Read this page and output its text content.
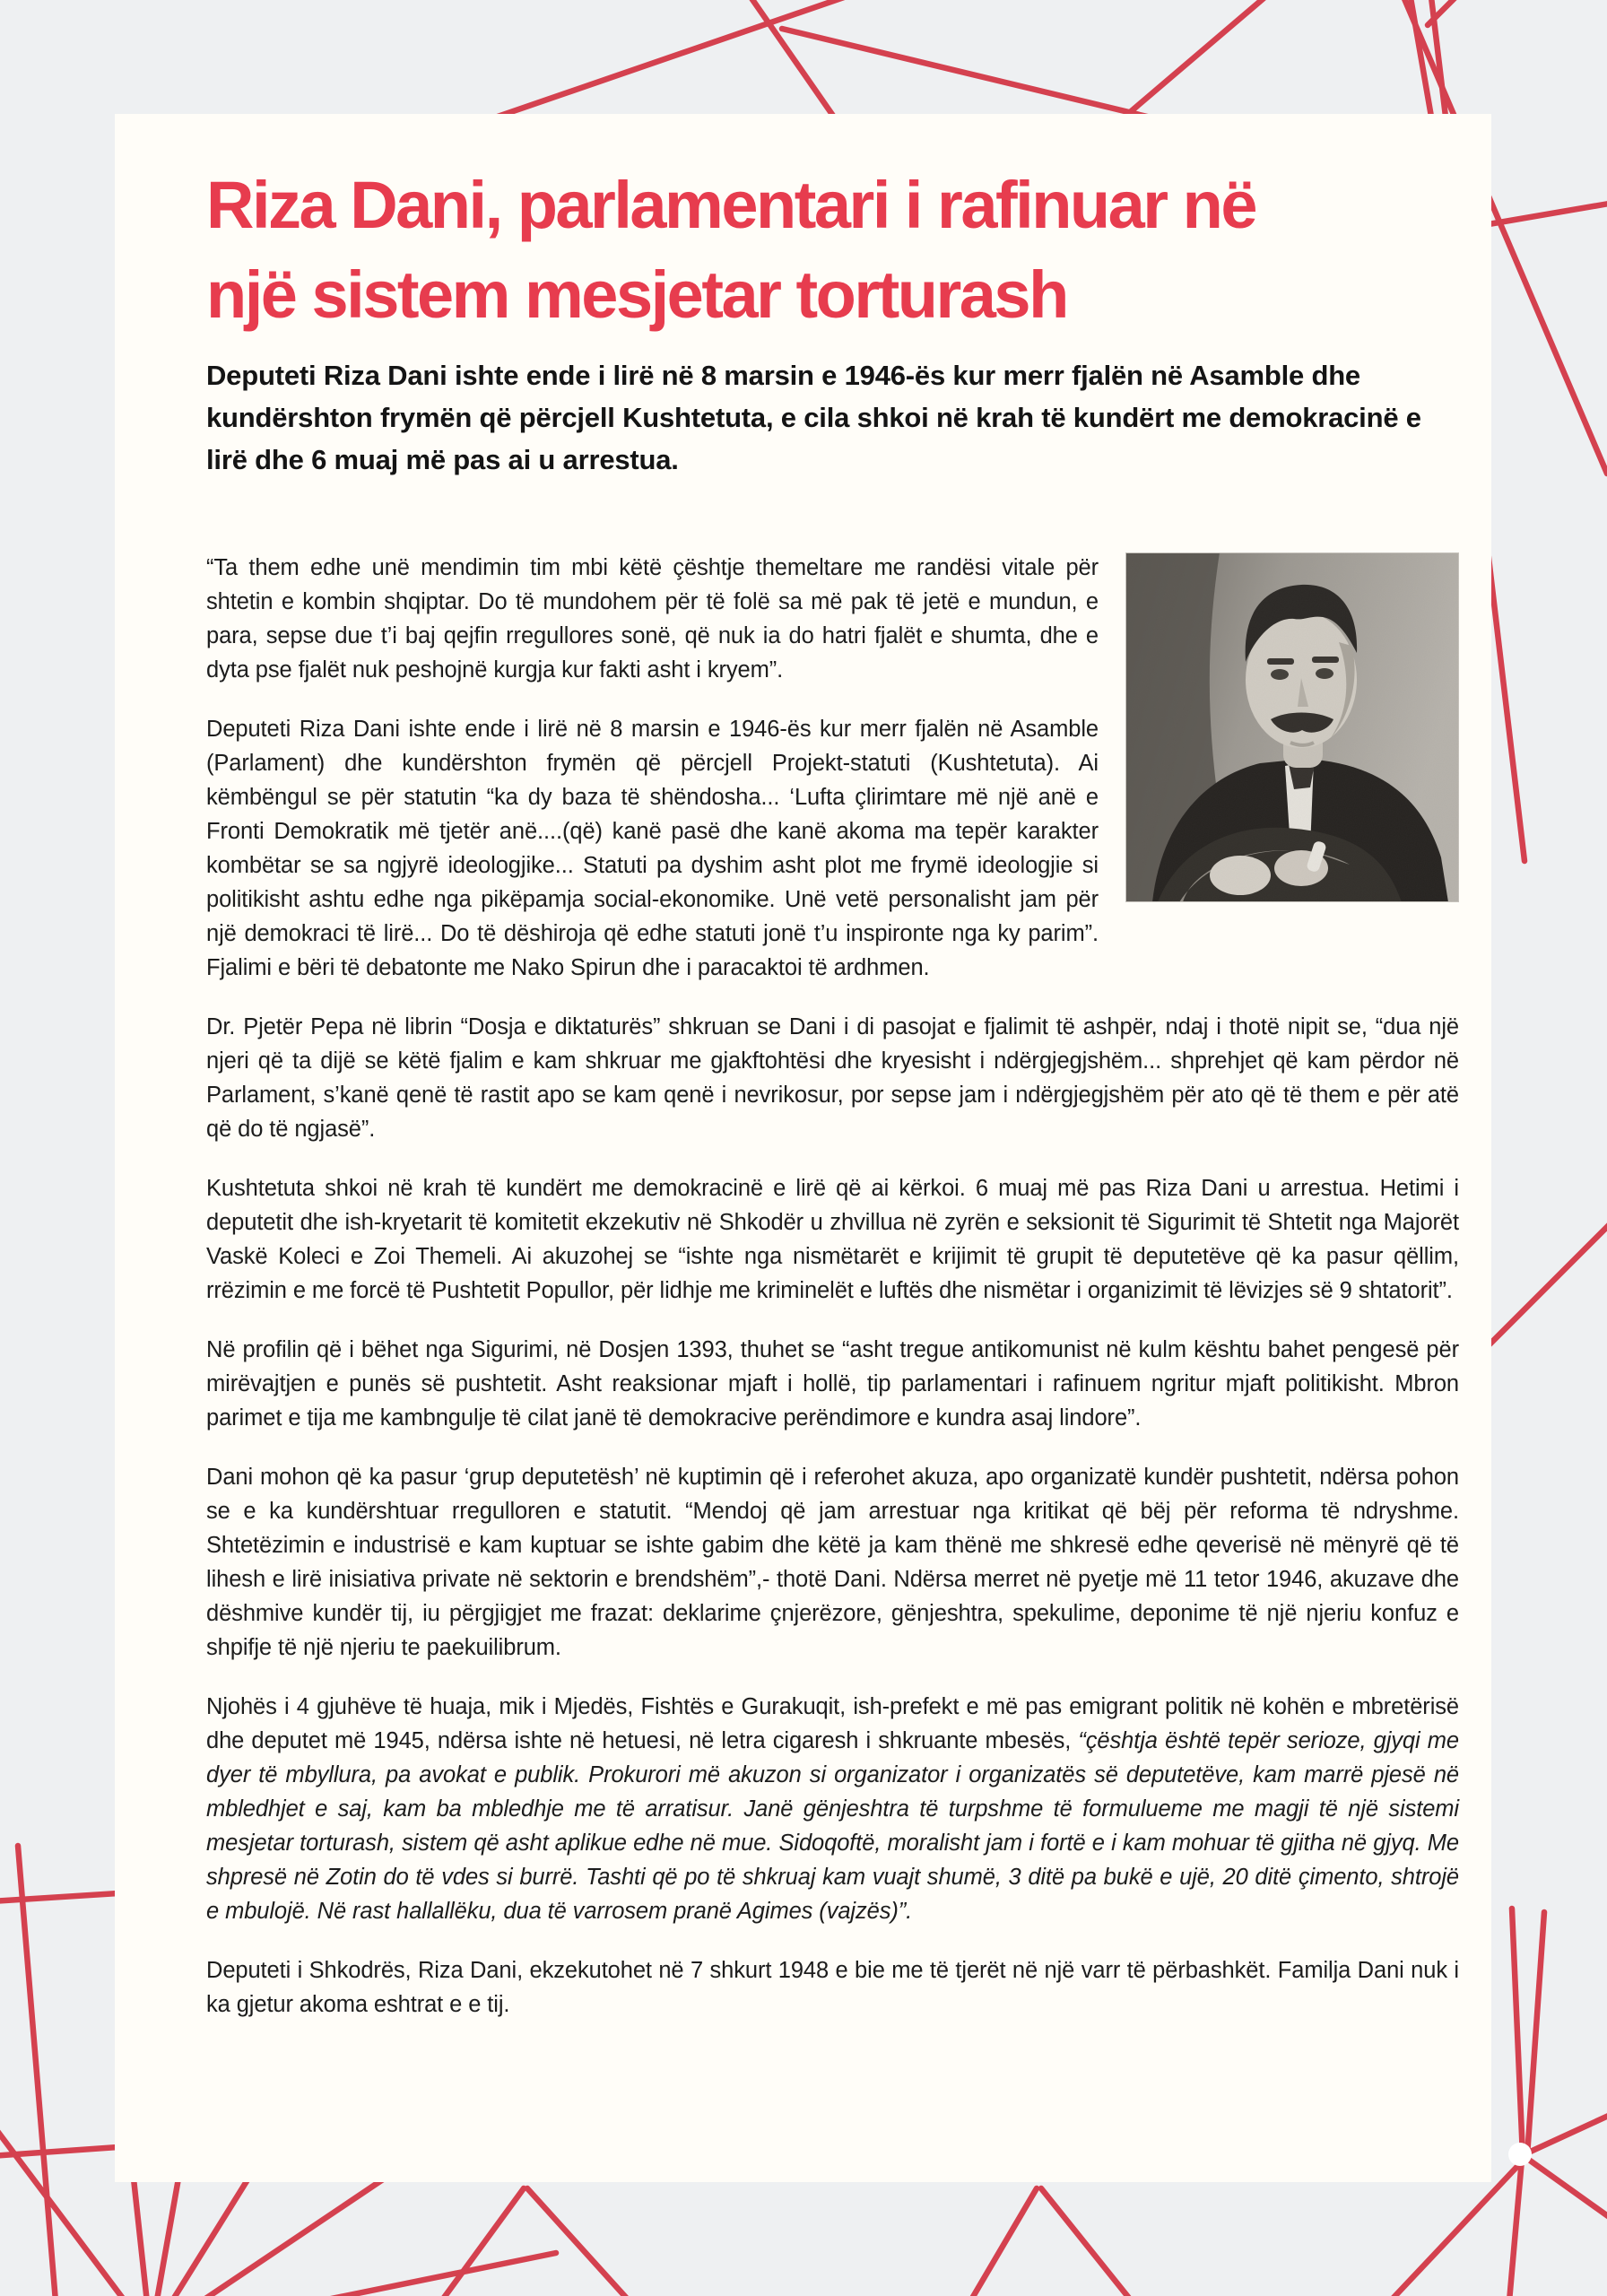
Riza Dani, parlamentari i rafinuar në
një sistem mesjetar torturash

Deputeti Riza Dani ishte ende i lirë në 8 marsin e 1946-ës kur merr fjalën në Asamble dhe kundërshton frymën që përcjell Kushtetuta, e cila shkoi në krah të kundërt me demokracinë e lirë dhe 6 muaj më pas ai u arrestua.

“Ta them edhe unë mendimin tim mbi këtë çështje themeltare me randësi vitale për shtetin e kombin shqiptar. Do të mundohem për të folë sa më pak të jetë e mundun, e para, sepse due t’i baj qejfin rregullores sonë, që nuk ia do hatri fjalët e shumta, dhe e dyta pse fjalët nuk peshojnë kurgja kur fakti asht i kryem”.

Deputeti Riza Dani ishte ende i lirë në 8 marsin e 1946-ës kur merr fjalën në Asamble (Parlament) dhe kundërshton frymën që përcjell Projekt-statuti (Kushtetuta). Ai këmbëngul se për statutin “ka dy baza të shëndosha... ‘Lufta çlirimtare më një anë e Fronti Demokratik më tjetër anë....(që) kanë pasë dhe kanë akoma ma tepër karakter kombëtar se sa ngjyrë ideologjike... Statuti pa dyshim asht plot me frymë ideologjie si politikisht ashtu edhe nga pikëpamja social-ekonomike. Unë vetë personalisht jam për një demokraci të lirë... Do të dëshiroja që edhe statuti jonë t’u inspironte nga ky parim”. Fjalimi e bëri të debatonte me Nako Spirun dhe i paracaktoi të ardhmen.

Dr. Pjetër Pepa në librin “Dosja e diktaturës” shkruan se Dani i di pasojat e fjalimit të ashpër, ndaj i thotë nipit se, “dua një njeri që ta dijë se këtë fjalim e kam shkruar me gjakftohtësi dhe kryesisht i ndërgjegjshëm... shprehjet që kam përdor në Parlament, s’kanë qenë të rastit apo se kam qenë i nevrikosur, por sepse jam i ndërgjegjshëm për ato që të them e për atë që do të ngjasë”.

Kushtetuta shkoi në krah të kundërt me demokracinë e lirë që ai kërkoi. 6 muaj më pas Riza Dani u arrestua. Hetimi i deputetit dhe ish-kryetarit të komitetit ekzekutiv në Shkodër u zhvillua në zyrën e seksionit të Sigurimit të Shtetit nga Majorët Vaskë Koleci e Zoi Themeli. Ai akuzohej se “ishte nga nismëtarët e krijimit të grupit të deputetëve që ka pasur qëllim, rrëzimin e me forcë të Pushtetit Popullor, për lidhje me kriminelët e luftës dhe nismëtar i organizimit të lëvizjes së 9 shtatorit”.

Në profilin që i bëhet nga Sigurimi, në Dosjen 1393, thuhet se “asht tregue antikomunist në kulm kështu bahet pengesë për mirëvajtjen e punës së pushtetit. Asht reaksionar mjaft i hollë, tip parlamentari i rafinuem ngritur mjaft politikisht. Mbron parimet e tija me kambngulje të cilat janë të demokracive perëndimore e kundra asaj lindore”.

Dani mohon që ka pasur ‘grup deputetësh’ në kuptimin që i referohet akuza, apo organizatë kundër pushtetit, ndërsa pohon se e ka kundërshtuar rregulloren e statutit. “Mendoj që jam arrestuar nga kritikat që bëj për reforma të ndryshme. Shtetëzimin e industrisë e kam kuptuar se ishte gabim dhe këtë ja kam thënë me shkresë edhe qeverisë në mënyrë që të lihesh e lirë inisiativa private në sektorin e brendshëm”,- thotë Dani. Ndërsa merret në pyetje më 11 tetor 1946, akuzave dhe dëshmive kundër tij, iu përgjigjet me frazat: deklarime çnjerëzore, gënjeshtra, spekulime, deponime të një njeriu konfuz e shpifje të një njeriu te paekuilibrum.

Njohës i 4 gjuhëve të huaja, mik i Mjedës, Fishtës e Gurakuqit, ish-prefekt e më pas emigrant politik në kohën e mbretërisë dhe deputet më 1945, ndërsa ishte në hetuesi, në letra cigaresh i shkruante mbesës, “çështja është tepër serioze, gjyqi me dyer të mbyllura, pa avokat e publik. Prokurori më akuzon si organizator i organizatës së deputetëve, kam marrë pjesë në mbledhjet e saj, kam ba mbledhje me të arratisur. Janë gënjeshtra të turpshme të formulueme me magji të një sistemi mesjetar torturash, sistem që asht aplikue edhe në mue. Sidoqoftë, moralisht jam i fortë e i kam mohuar të gjitha në gjyq. Me shpresë në Zotin do të vdes si burrë. Tashti që po të shkruaj kam vuajt shumë, 3 ditë pa bukë e ujë, 20 ditë çimento, shtrojë e mbulojë. Në rast hallallëku, dua të varrosem pranë Agimes (vajzës)”.

Deputeti i Shkodrës, Riza Dani, ekzekutohet në 7 shkurt 1948 e bie me të tjerët në një varr të përbashkët. Familja Dani nuk i ka gjetur akoma eshtrat e e tij.
